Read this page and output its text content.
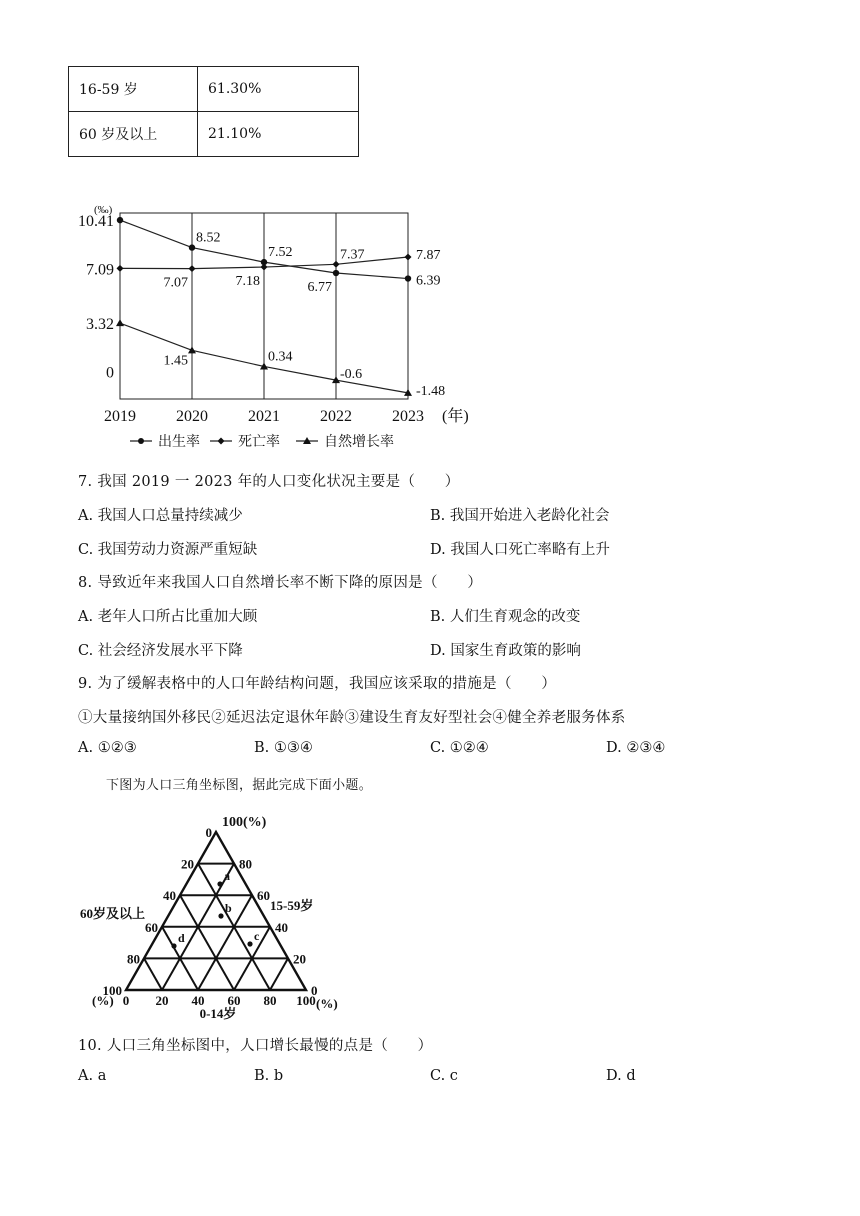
16-59 岁	61.30%
60 岁及以上	21.10%
(‰)
0
3.32
7.09
10.41
2019	2020	2021	2022	2023 (年)
8.52
7.52
6.77	6.39
7.07	7.18
7.37	7.87
1.45	0.34
-0.6
-1.48
出生率	死亡率	自然增长率
7. 我国 2019 一 2023 年的人口变化状况主要是（　　）
A. 我国人口总量持续减少	B. 我国开始进入老龄化社会
C. 我国劳动力资源严重短缺	D. 我国人口死亡率略有上升
8. 导致近年来我国人口自然增长率不断下降的原因是（　　）
A. 老年人口所占比重加大顾	B. 人们生育观念的改变
C. 社会经济发展水平下降	D. 国家生育政策的影响
9. 为了缓解表格中的人口年龄结构问题，我国应该采取的措施是（　　）
①大量接纳国外移民②延迟法定退休年龄③建设生育友好型社会④健全养老服务体系
A. ①②③	B. ①③④	C. ①②④	D. ②③④
下图为人口三角坐标图，据此完成下面小题。
100(%)
0
20
40
60
80
100
80
60
40
20
0
0 20 40 60 80 100
60岁及以上
15-59岁
0-14岁
(%)
(%)
a
b
c
d
10. 人口三角坐标图中，人口增长最慢的点是（　　）
A. a	B. b	C. c	D. d
